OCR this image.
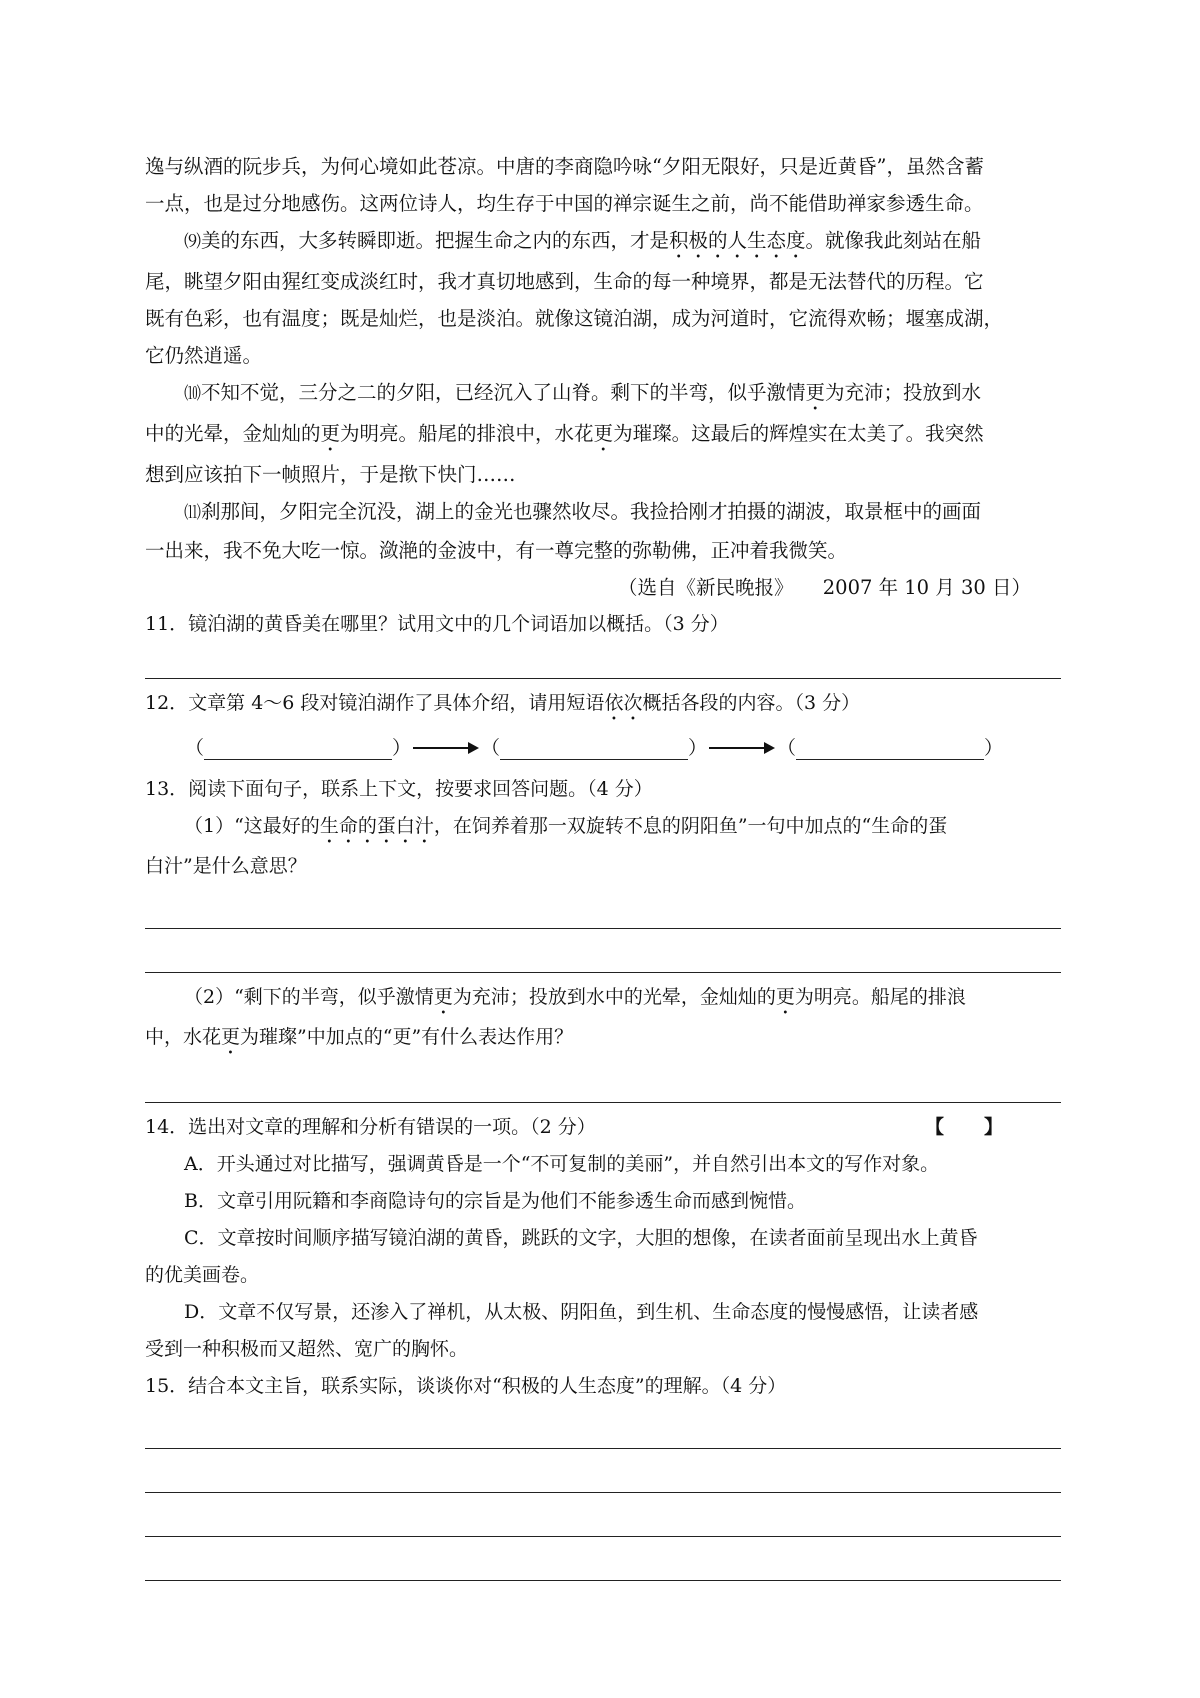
逸与纵酒的阮步兵，为何心境如此苍凉。中唐的李商隐吟咏“夕阳无限好，只是近黄昏”，虽然含蓄
一点，也是过分地感伤。这两位诗人，均生存于中国的禅宗诞生之前，尚不能借助禅家参透生命。
⑼美的东西，大多转瞬即逝。把握生命之内的东西，才是积极的人生态度。就像我此刻站在船
尾，眺望夕阳由猩红变成淡红时，我才真切地感到，生命的每一种境界，都是无法替代的历程。它
既有色彩，也有温度；既是灿烂，也是淡泊。就像这镜泊湖，成为河道时，它流得欢畅；堰塞成湖，
它仍然逍遥。
⑽不知不觉，三分之二的夕阳，已经沉入了山脊。剩下的半弯，似乎激情更为充沛；投放到水
中的光晕，金灿灿的更为明亮。船尾的排浪中，水花更为璀璨。这最后的辉煌实在太美了。我突然
想到应该拍下一帧照片，于是揿下快门……
⑾刹那间，夕阳完全沉没，湖上的金光也骤然收尽。我捡拾刚才拍摄的湖波，取景框中的画面
一出来，我不免大吃一惊。潋滟的金波中，有一尊完整的弥勒佛，正冲着我微笑。
（选自《新民晚报》　　2007 年 10 月 30 日）
11．镜泊湖的黄昏美在哪里？试用文中的几个词语加以概括。（3 分）
12．文章第 4～6 段对镜泊湖作了具体介绍，请用短语依次概括各段的内容。（3 分）
（	）	（	）	（	）
13．阅读下面句子，联系上下文，按要求回答问题。（4 分）
（1）“这最好的生命的蛋白汁，在饲养着那一双旋转不息的阴阳鱼”一句中加点的“生命的蛋
白汁”是什么意思？
（2）“剩下的半弯，似乎激情更为充沛；投放到水中的光晕，金灿灿的更为明亮。船尾的排浪
中，水花更为璀璨”中加点的“更”有什么表达作用？
14．选出对文章的理解和分析有错误的一项。（2 分）	【】
A．开头通过对比描写，强调黄昏是一个“不可复制的美丽”，并自然引出本文的写作对象。
B．文章引用阮籍和李商隐诗句的宗旨是为他们不能参透生命而感到惋惜。
C．文章按时间顺序描写镜泊湖的黄昏，跳跃的文字，大胆的想像，在读者面前呈现出水上黄昏
的优美画卷。
D．文章不仅写景，还渗入了禅机，从太极、阴阳鱼，到生机、生命态度的慢慢感悟，让读者感
受到一种积极而又超然、宽广的胸怀。
15．结合本文主旨，联系实际，谈谈你对“积极的人生态度”的理解。（4 分）
